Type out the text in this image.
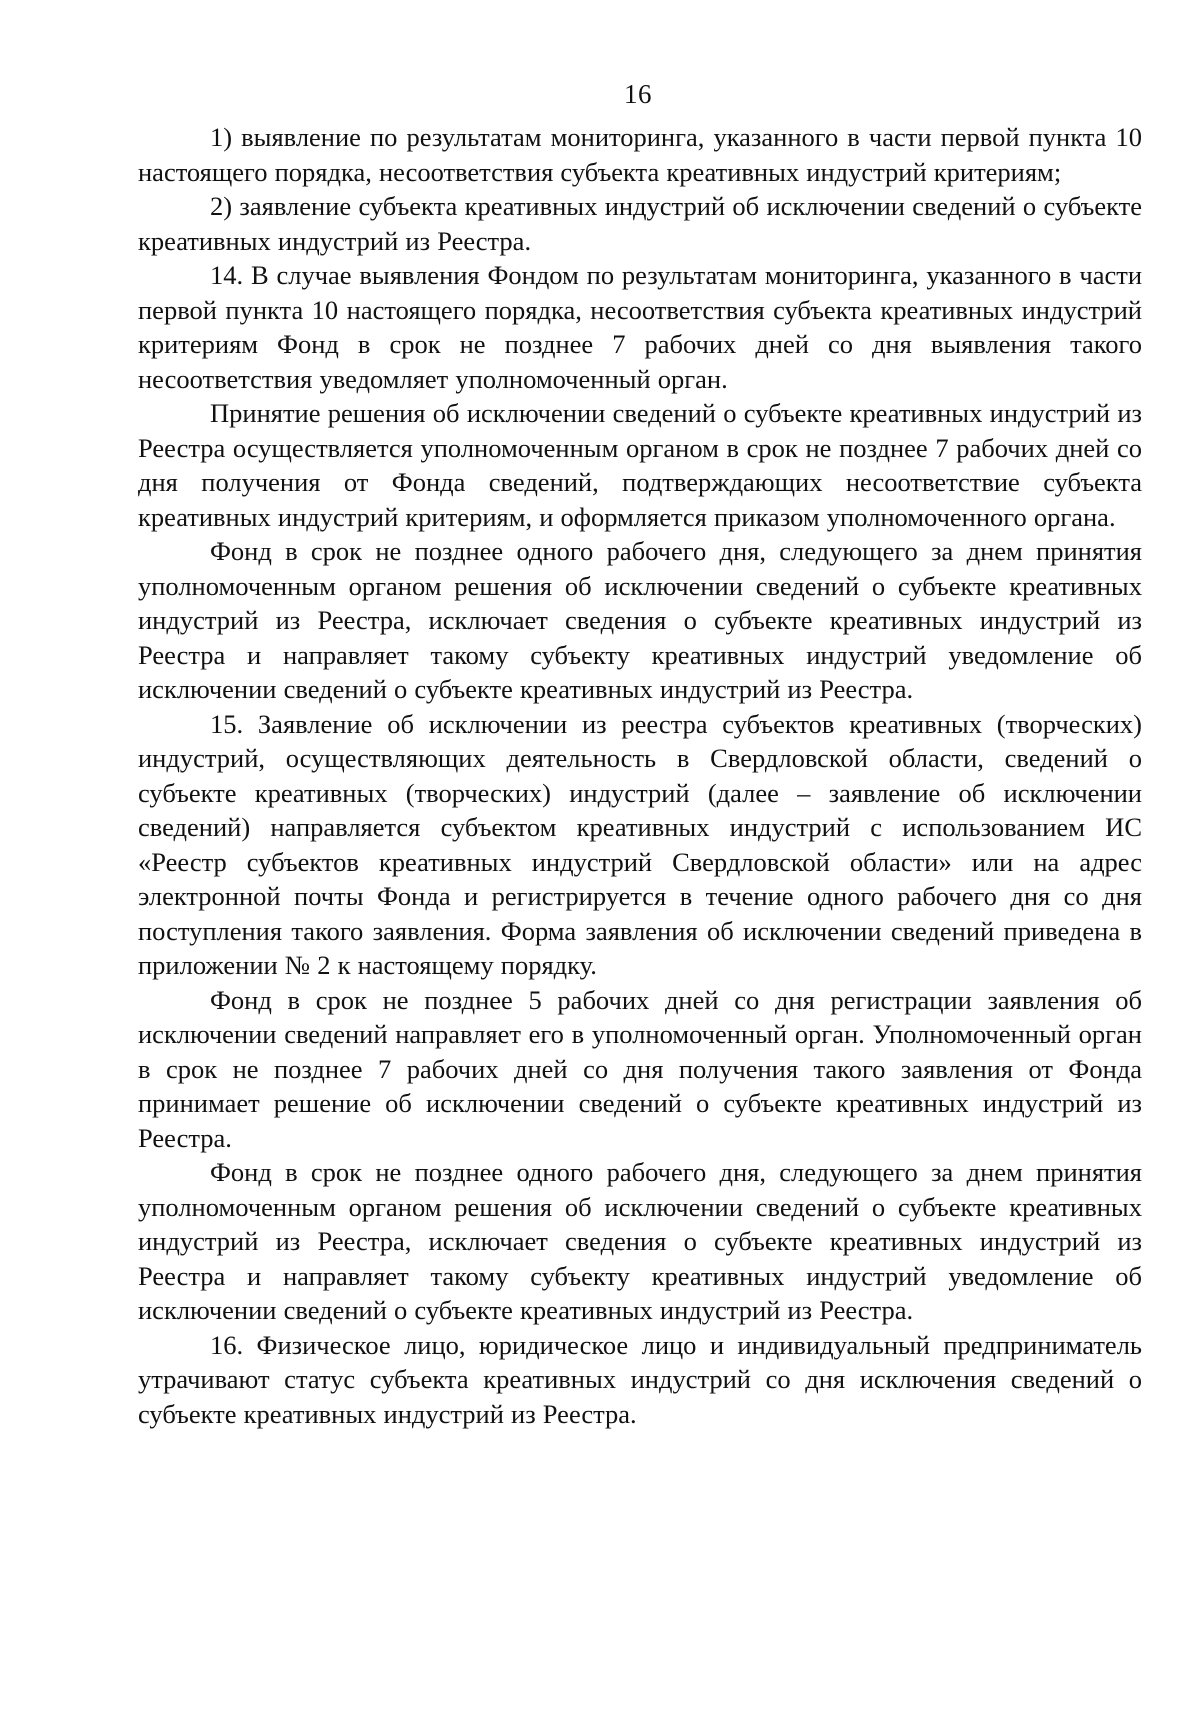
16

1) выявление по результатам мониторинга, указанного в части первой пункта 10 настоящего порядка, несоответствия субъекта креативных индустрий критериям;

2) заявление субъекта креативных индустрий об исключении сведений о субъекте креативных индустрий из Реестра.

14. В случае выявления Фондом по результатам мониторинга, указанного в части первой пункта 10 настоящего порядка, несоответствия субъекта креативных индустрий критериям Фонд в срок не позднее 7 рабочих дней со дня выявления такого несоответствия уведомляет уполномоченный орган.

Принятие решения об исключении сведений о субъекте креативных индустрий из Реестра осуществляется уполномоченным органом в срок не позднее 7 рабочих дней со дня получения от Фонда сведений, подтверждающих несоответствие субъекта креативных индустрий критериям, и оформляется приказом уполномоченного органа.

Фонд в срок не позднее одного рабочего дня, следующего за днем принятия уполномоченным органом решения об исключении сведений о субъекте креативных индустрий из Реестра, исключает сведения о субъекте креативных индустрий из Реестра и направляет такому субъекту креативных индустрий уведомление об исключении сведений о субъекте креативных индустрий из Реестра.

15. Заявление об исключении из реестра субъектов креативных (творческих) индустрий, осуществляющих деятельность в Свердловской области, сведений о субъекте креативных (творческих) индустрий (далее – заявление об исключении сведений) направляется субъектом креативных индустрий с использованием ИС «Реестр субъектов креативных индустрий Свердловской области» или на адрес электронной почты Фонда и регистрируется в течение одного рабочего дня со дня поступления такого заявления. Форма заявления об исключении сведений приведена в приложении № 2 к настоящему порядку.

Фонд в срок не позднее 5 рабочих дней со дня регистрации заявления об исключении сведений направляет его в уполномоченный орган. Уполномоченный орган в срок не позднее 7 рабочих дней со дня получения такого заявления от Фонда принимает решение об исключении сведений о субъекте креативных индустрий из Реестра.

Фонд в срок не позднее одного рабочего дня, следующего за днем принятия уполномоченным органом решения об исключении сведений о субъекте креативных индустрий из Реестра, исключает сведения о субъекте креативных индустрий из Реестра и направляет такому субъекту креативных индустрий уведомление об исключении сведений о субъекте креативных индустрий из Реестра.

16. Физическое лицо, юридическое лицо и индивидуальный предприниматель утрачивают статус субъекта креативных индустрий со дня исключения сведений о субъекте креативных индустрий из Реестра.
